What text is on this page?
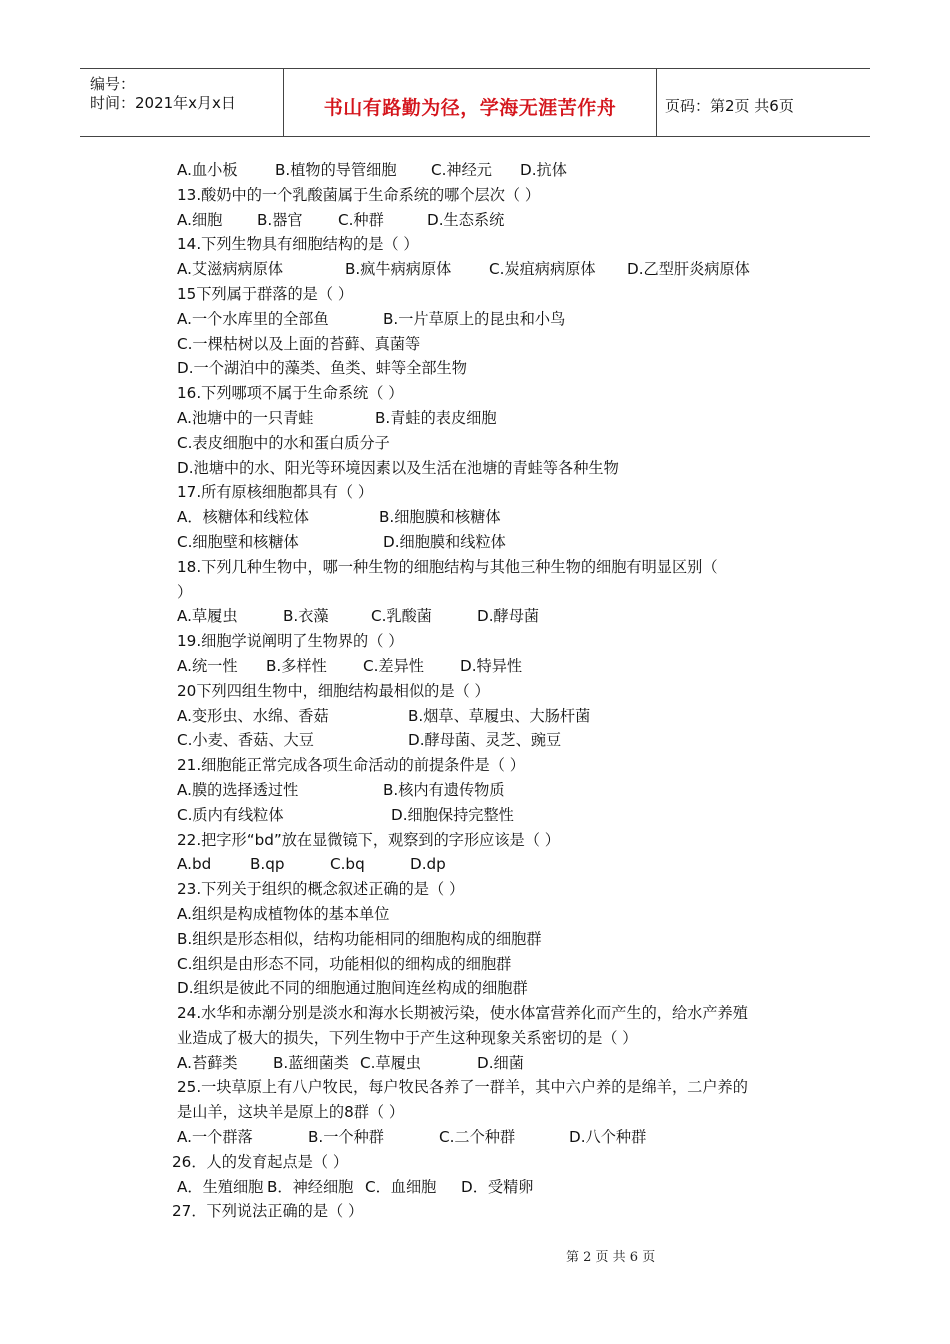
编号：
时间：2021年x月x日	书山有路勤为径，学海无涯苦作舟	页码：第2页 共6页
A.血小板 B.植物的导管细胞 C.神经元 D.抗体
13.酸奶中的一个乳酸菌属于生命系统的哪个层次（ ）
A.细胞 B.器官 C.种群	D.生态系统
14.下列生物具有细胞结构的是（ ）
A.艾滋病病原体	B.疯牛病病原体 C.炭疽病病原体 D.乙型肝炎病原体
15下列属于群落的是（ ）
A.一个水库里的全部鱼	B.一片草原上的昆虫和小鸟
C.一棵枯树以及上面的苔藓、真菌等
D.一个湖泊中的藻类、鱼类、蚌等全部生物
16.下列哪项不属于生命系统（ ）
A.池塘中的一只青蛙	B.青蛙的表皮细胞
C.表皮细胞中的水和蛋白质分子
D.池塘中的水、阳光等环境因素以及生活在池塘的青蛙等各种生物
17.所有原核细胞都具有（ ）
A．核糖体和线粒体	B.细胞膜和核糖体
C.细胞壁和核糖体	D.细胞膜和线粒体
18.下列几种生物中，哪一种生物的细胞结构与其他三种生物的细胞有明显区别（
）
A.草履虫	B.衣藻	C.乳酸菌	D.酵母菌
19.细胞学说阐明了生物界的（ ）
A.统一性 B.多样性 C.差异性 D.特异性
20下列四组生物中，细胞结构最相似的是（ ）
A.变形虫、水绵、香菇	B.烟草、草履虫、大肠杆菌
C.小麦、香菇、大豆	D.酵母菌、灵芝、豌豆
21.细胞能正常完成各项生命活动的前提条件是（ ）
A.膜的选择透过性	B.核内有遗传物质
C.质内有线粒体	D.细胞保持完整性
22.把字形“bd”放在显微镜下，观察到的字形应该是（ ）
A.bd	B.qp	C.bq	D.dp
23.下列关于组织的概念叙述正确的是（ ）
A.组织是构成植物体的基本单位
B.组织是形态相似，结构功能相同的细胞构成的细胞群
C.组织是由形态不同，功能相似的细构成的细胞群
D.组织是彼此不同的细胞通过胞间连丝构成的细胞群
24.水华和赤潮分别是淡水和海水长期被污染，使水体富营养化而产生的，给水产养殖
业造成了极大的损失，下列生物中于产生这种现象关系密切的是（ ）
A.苔藓类 B.蓝细菌类 C.草履虫	D.细菌
25.一块草原上有八户牧民，每户牧民各养了一群羊，其中六户养的是绵羊，二户养的
是山羊，这块羊是原上的8群（ ）
A.一个群落	B.一个种群	C.二个种群	D.八个种群
26．人的发育起点是（ ）
A．生殖细胞 B．神经细胞 C．血细胞 D．受精卵
27．下列说法正确的是（ ）
第 2 页 共 6 页
